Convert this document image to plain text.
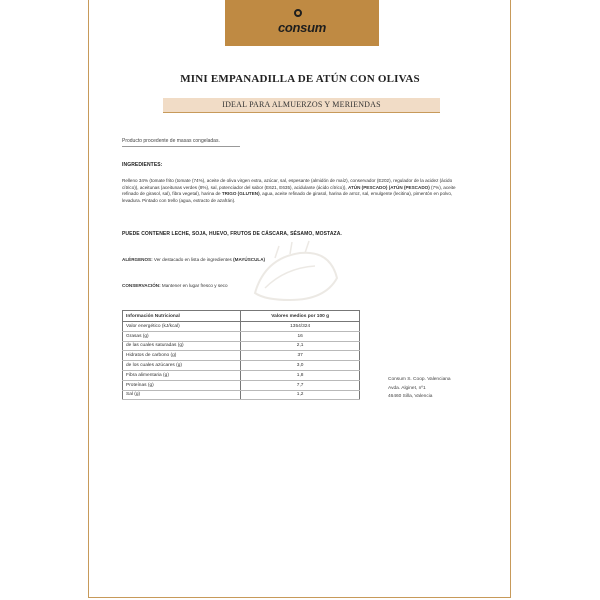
consum
MINI EMPANADILLA DE ATÚN CON OLIVAS
IDEAL PARA ALMUERZOS Y MERIENDAS
Producto procedente de masas congeladas.
INGREDIENTES:
Relleno 34% (tomate frito (tomate (74%), aceite de oliva virgen extra, azúcar, sal, espesante (almidón de maíz), conservador (E202), regulador de la acidez (ácido cítrico)), aceitunas (aceitunas verdes (8%), sal, potenciador del sabor (E621, E635), acidulante (ácido cítrico)), ATÚN (PESCADO) (ATÚN (PESCADO) (7%), aceite refinado de girasol, sal), fibra vegetal), harina de TRIGO (GLUTEN), agua, aceite refinado de girasol, harina de arroz, sal, emulgente (lecitina), pimentón en polvo, levadura. Pintado con trello (agua, extracto de azafrán).
PUEDE CONTENER LECHE, SOJA, HUEVO, FRUTOS DE CÁSCARA, SÉSAMO, MOSTAZA.
ALÉRGENOS: Ver destacado en lista de ingredientes (MAYÚSCULA)
CONSERVACIÓN: Mantener en lugar fresco y seco
Información Nutricional	Valores medios por 100 g
Valor energético (kJ/kcal)	1354/324
Grasas (g)	16
de las cuales saturadas (g)	2,1
Hidratos de carbono (g)	37
de los cuales azúcares (g)	3,0
Fibra alimentaria (g)	1,8
Proteínas (g)	7,7
Sal (g)	1,2
Consum S. Coop. Valenciana
Avda. Alginet, nº1
46460 Silla, Valencia
